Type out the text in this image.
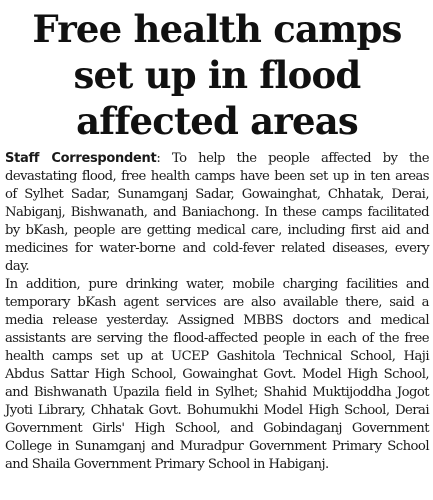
Free health camps
set up in flood
affected areas

Staff Correspondent: To help the people affected by the devastating flood, free health camps have been set up in ten areas of Sylhet Sadar, Sunamganj Sadar, Gowainghat, Chhatak, Derai, Nabiganj, Bishwanath, and Baniachong. In these camps facilitated by bKash, people are getting medical care, including first aid and medicines for water-borne and cold-fever related diseases, every day.

In addition, pure drinking water, mobile charging facilities and temporary bKash agent services are also available there, said a media release yesterday. Assigned MBBS doctors and medical assistants are serving the flood-affected people in each of the free health camps set up at UCEP Gashitola Technical School, Haji Abdus Sattar High School, Gowainghat Govt. Model High School, and Bishwanath Upazila field in Sylhet; Shahid Muktijoddha Jogot Jyoti Library, Chhatak Govt. Bohumukhi Model High School, Derai Government Girls' High School, and Gobindaganj Government College in Sunamganj and Muradpur Government Primary School and Shaila Government Primary School in Habiganj.
